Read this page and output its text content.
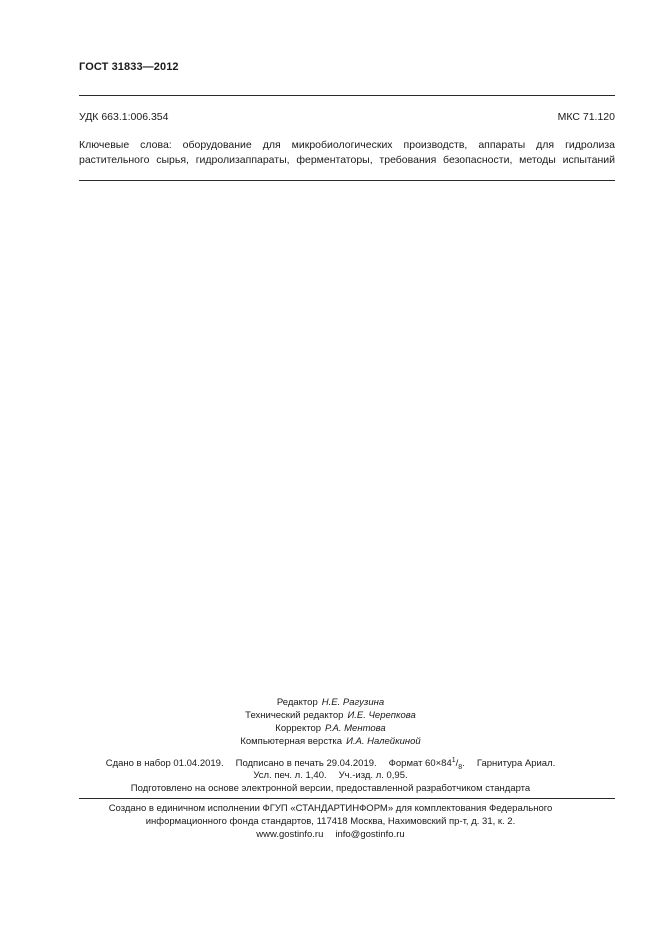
ГОСТ 31833—2012
УДК 663.1:006.354	МКС 71.120
Ключевые слова: оборудование для микробиологических производств, аппараты для гидролиза
растительного сырья, гидролизаппараты, ферментаторы, требования безопасности, методы испытаний
Редактор Н.Е. Рагузина
Технический редактор И.Е. Черепкова
Корректор Р.А. Ментова
Компьютерная верстка И.А. Налейкиной
Сдано в набор 01.04.2019. Подписано в печать 29.04.2019. Формат $60\times 84^1/_8$. Гарнитура Ариал.
Усл. печ. л. 1,40. Уч.-изд. л. 0,95.
Подготовлено на основе электронной версии, предоставленной разработчиком стандарта
Создано в единичном исполнении ФГУП «СТАНДАРТИНФОРМ» для комплектования Федерального
информационного фонда стандартов, 117418 Москва, Нахимовский пр-т, д. 31, к. 2.
www.gostinfo.ru info@gostinfo.ru
